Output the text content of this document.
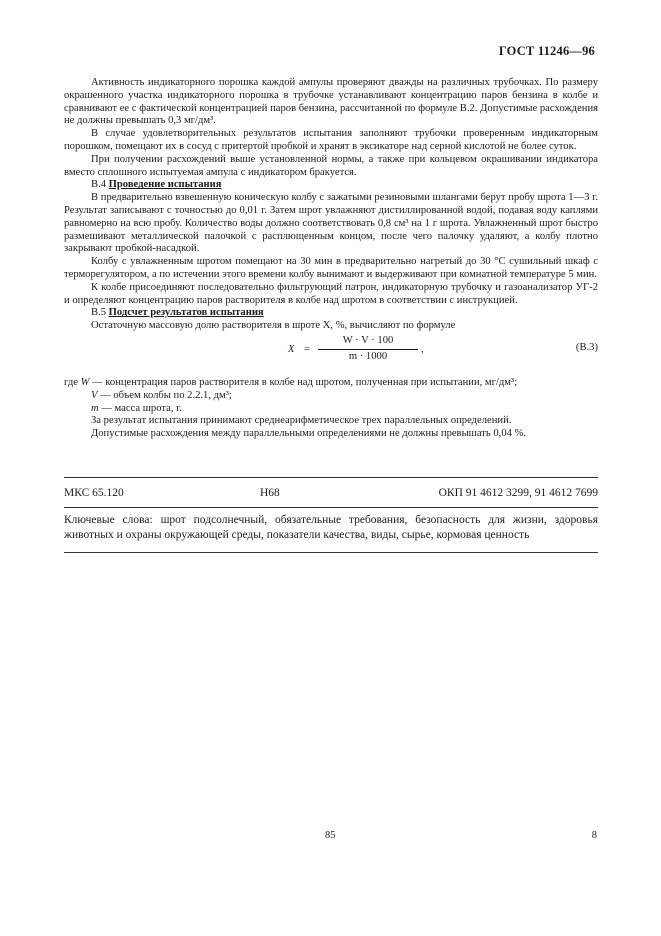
ГОСТ 11246—96

Активность индикаторного порошка каждой ампулы проверяют дважды на различных трубочках. По размеру окрашенного участка индикаторного порошка в трубочке устанавливают концентрацию паров бензина в колбе и сравнивают ее с фактической концентрацией паров бензина, рассчитанной по формуле В.2. Допустимые расхождения не должны превышать 0,3 мг/дм³.

В случае удовлетворительных результатов испытания заполняют трубочки проверенным индикаторным порошком, помещают их в сосуд с притертой пробкой и хранят в эксикаторе над серной кислотой не более суток.

При получении расхождений выше установленной нормы, а также при кольцевом окрашивании индикатора вместо сплошного испытуемая ампула с индикатором бракуется.

В.4 Проведение испытания

В предварительно взвешенную коническую колбу с зажатыми резиновыми шлангами берут пробу шрота 1—3 г. Результат записывают с точностью до 0,01 г. Затем шрот увлажняют дистиллированной водой, подавая воду каплями равномерно на всю пробу. Количество воды должно соответствовать 0,8 см³ на 1 г шрота. Увлажненный шрот быстро размешивают металлической палочкой с расплющенным концом, после чего палочку удаляют, а колбу плотно закрывают пробкой-насадкой.

Колбу с увлажненным шротом помещают на 30 мин в предварительно нагретый до 30 °С сушильный шкаф с терморегулятором, а по истечении этого времени колбу вынимают и выдерживают при комнатной температуре 5 мин.

К колбе присоединяют последовательно фильтрующий патрон, индикаторную трубочку и газоанализатор УГ-2 и определяют концентрацию паров растворителя в колбе над шротом в соответствии с инструкцией.

В.5 Подсчет результатов испытания

Остаточную массовую долю растворителя в шроте X, %, вычисляют по формуле

$X = \frac{W \cdot V \cdot 100}{m \cdot 1000}$ ,	(В.3)

где W — концентрация паров растворителя в колбе над шротом, полученная при испытании, мг/дм³;

V — объем колбы по 2.2.1, дм³;

m — масса шрота, г.

За результат испытания принимают среднеарифметическое трех параллельных определений.

Допустимые расхождения между параллельными определениями не должны превышать 0,04 %.

МКС 65.120	Н68	ОКП 91 4612 3299, 91 4612 7699
Ключевые слова: шрот подсолнечный, обязательные требования, безопасность для жизни, здоровья животных и охраны окружающей среды, показатели качества, виды, сырье, кормовая ценность
85	8
